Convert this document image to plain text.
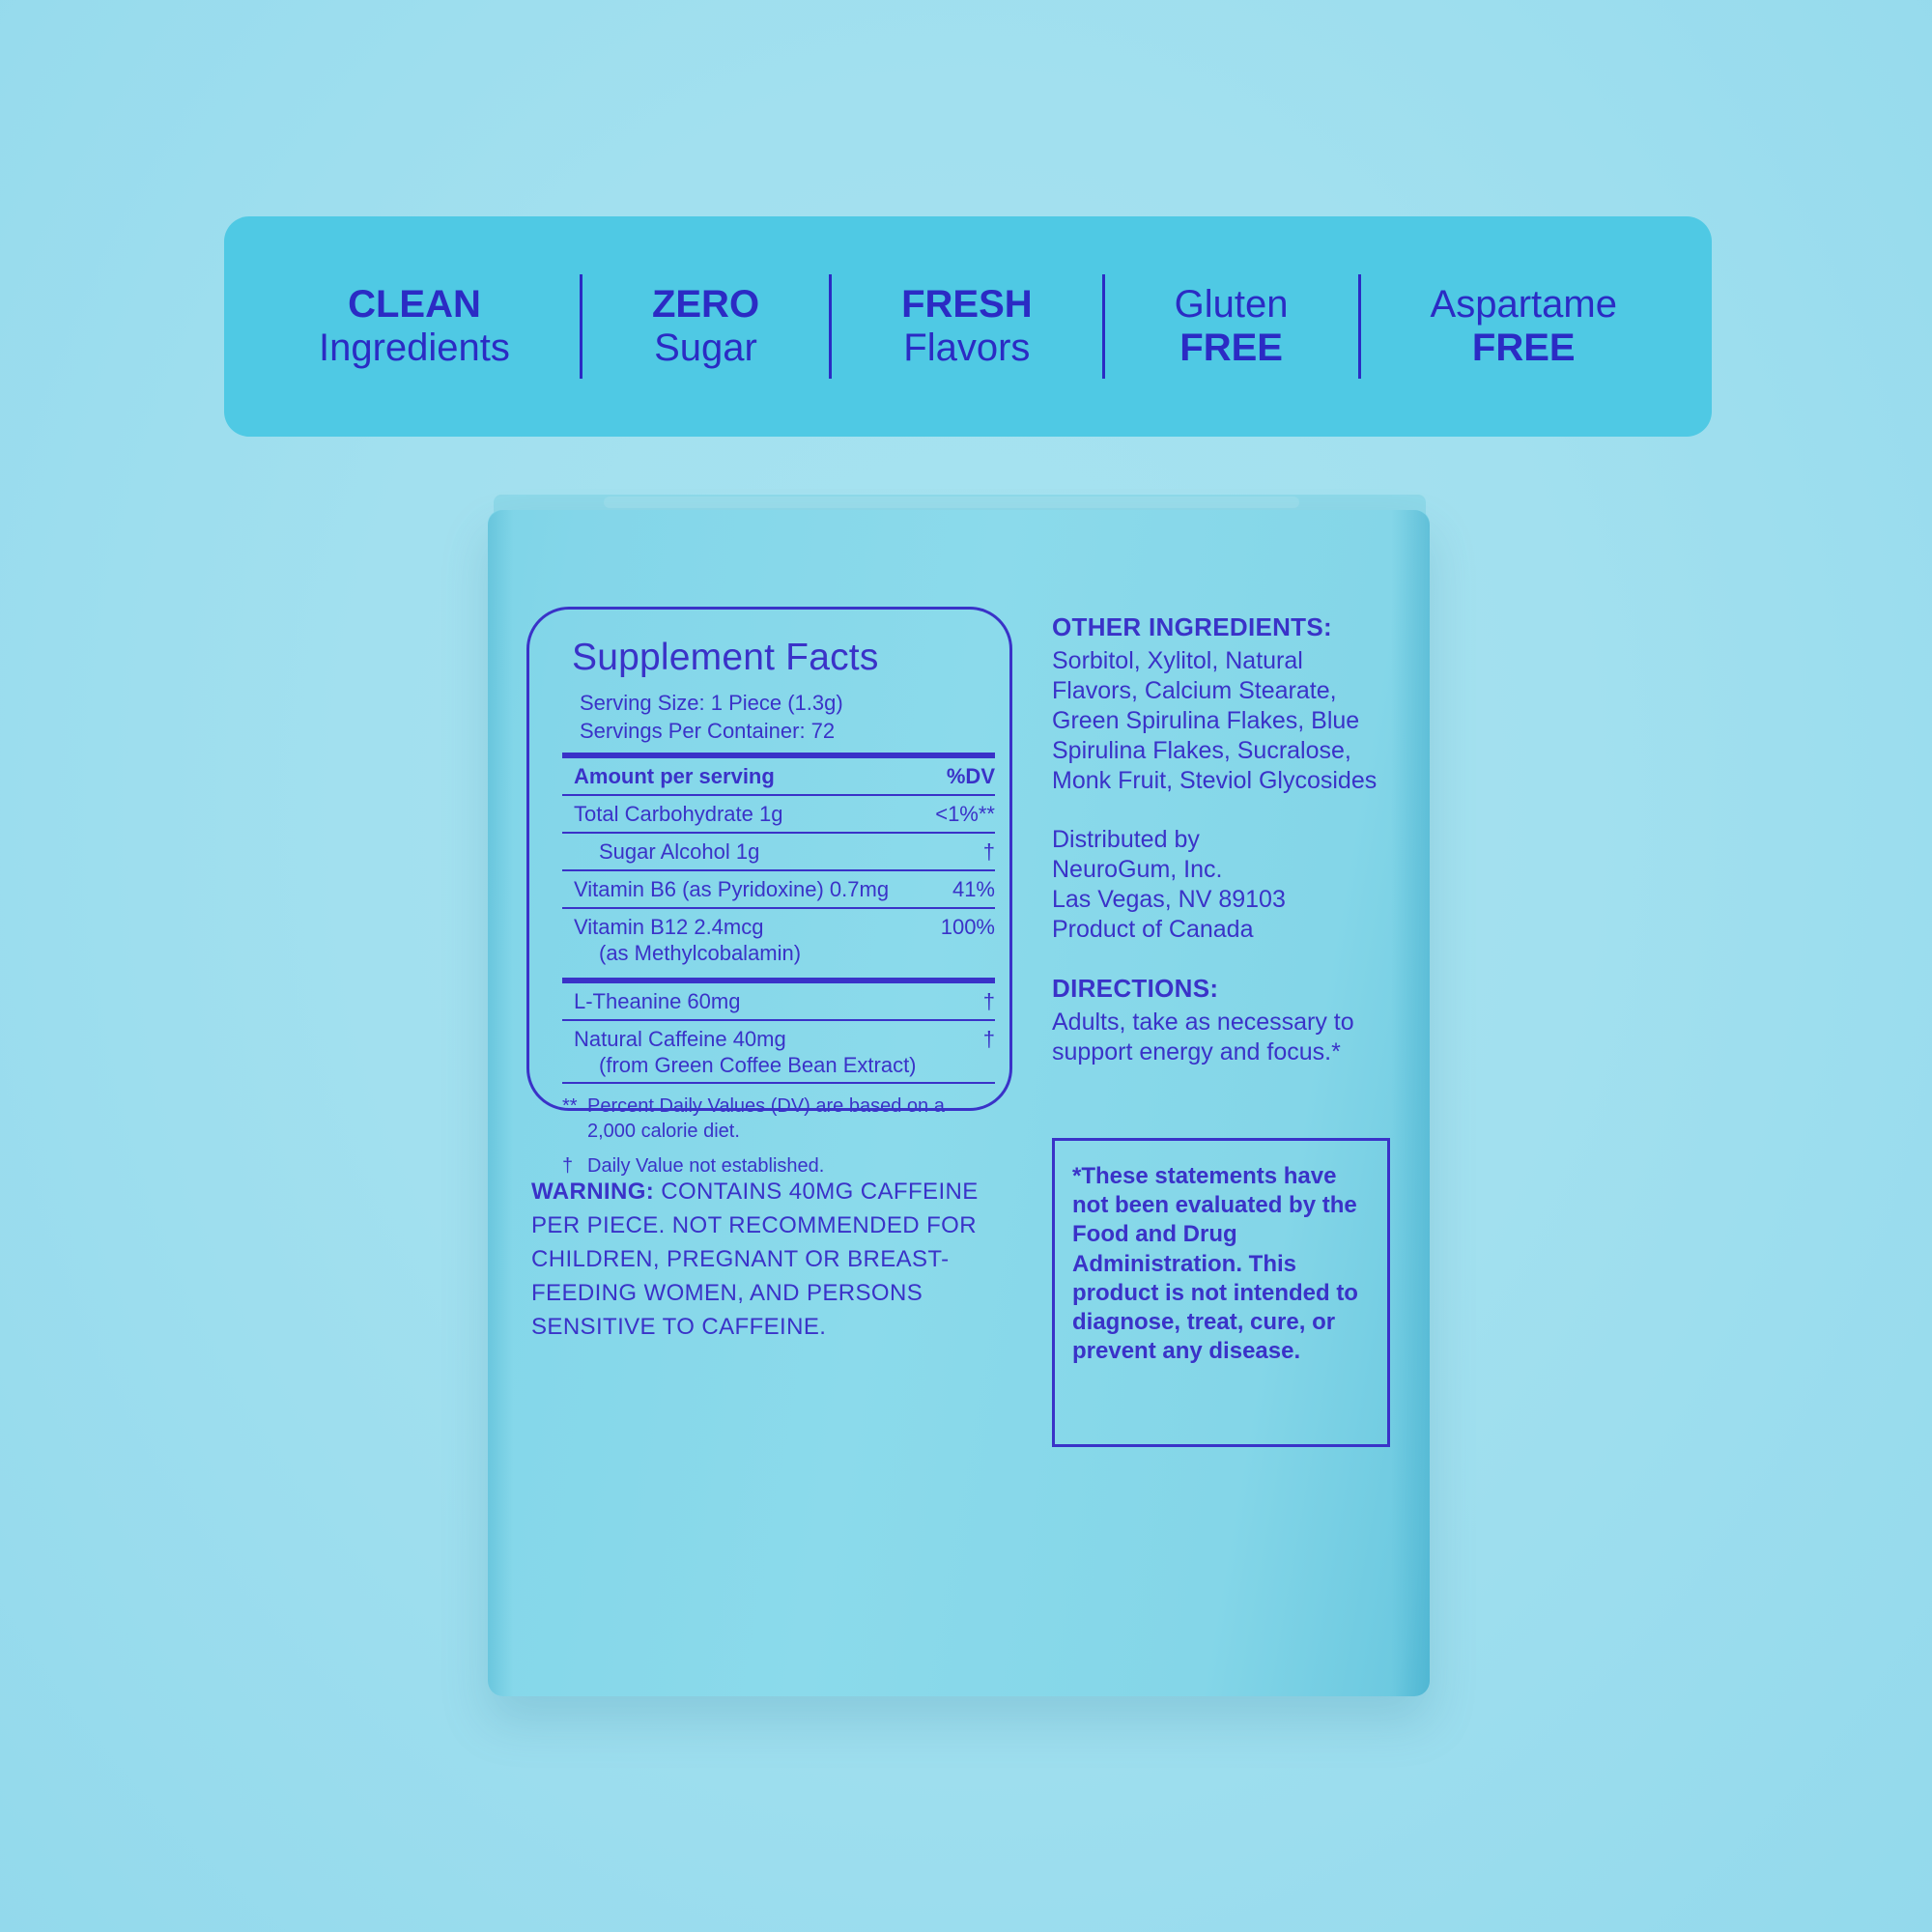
CLEAN
Ingredients
ZERO
Sugar
FRESH
Flavors
Gluten
FREE
Aspartame
FREE
Supplement Facts
Serving Size: 1 Piece (1.3g)
Servings Per Container: 72
Amount per serving	%DV
Total Carbohydrate 1g	<1%**
Sugar Alcohol 1g	†
Vitamin B6 (as Pyridoxine) 0.7mg	41%
Vitamin B12 2.4mcg	100%
(as Methylcobalamin)
L-Theanine 60mg	†
Natural Caffeine 40mg	†
(from Green Coffee Bean Extract)
** Percent Daily Values (DV) are based on a 2,000 calorie diet.
† Daily Value not established.
OTHER INGREDIENTS:
Sorbitol, Xylitol, Natural Flavors, Calcium Stearate, Green Spirulina Flakes, Blue Spirulina Flakes, Sucralose, Monk Fruit, Steviol Glycosides
Distributed by
NeuroGum, Inc.
Las Vegas, NV 89103
Product of Canada
DIRECTIONS:
Adults, take as necessary to support energy and focus.*
WARNING: CONTAINS 40MG CAFFEINE PER PIECE. NOT RECOMMENDED FOR CHILDREN, PREGNANT OR BREAST-FEEDING WOMEN, AND PERSONS SENSITIVE TO CAFFEINE.
*These statements have not been evaluated by the Food and Drug Administration. This product is not intended to diagnose, treat, cure, or prevent any disease.
